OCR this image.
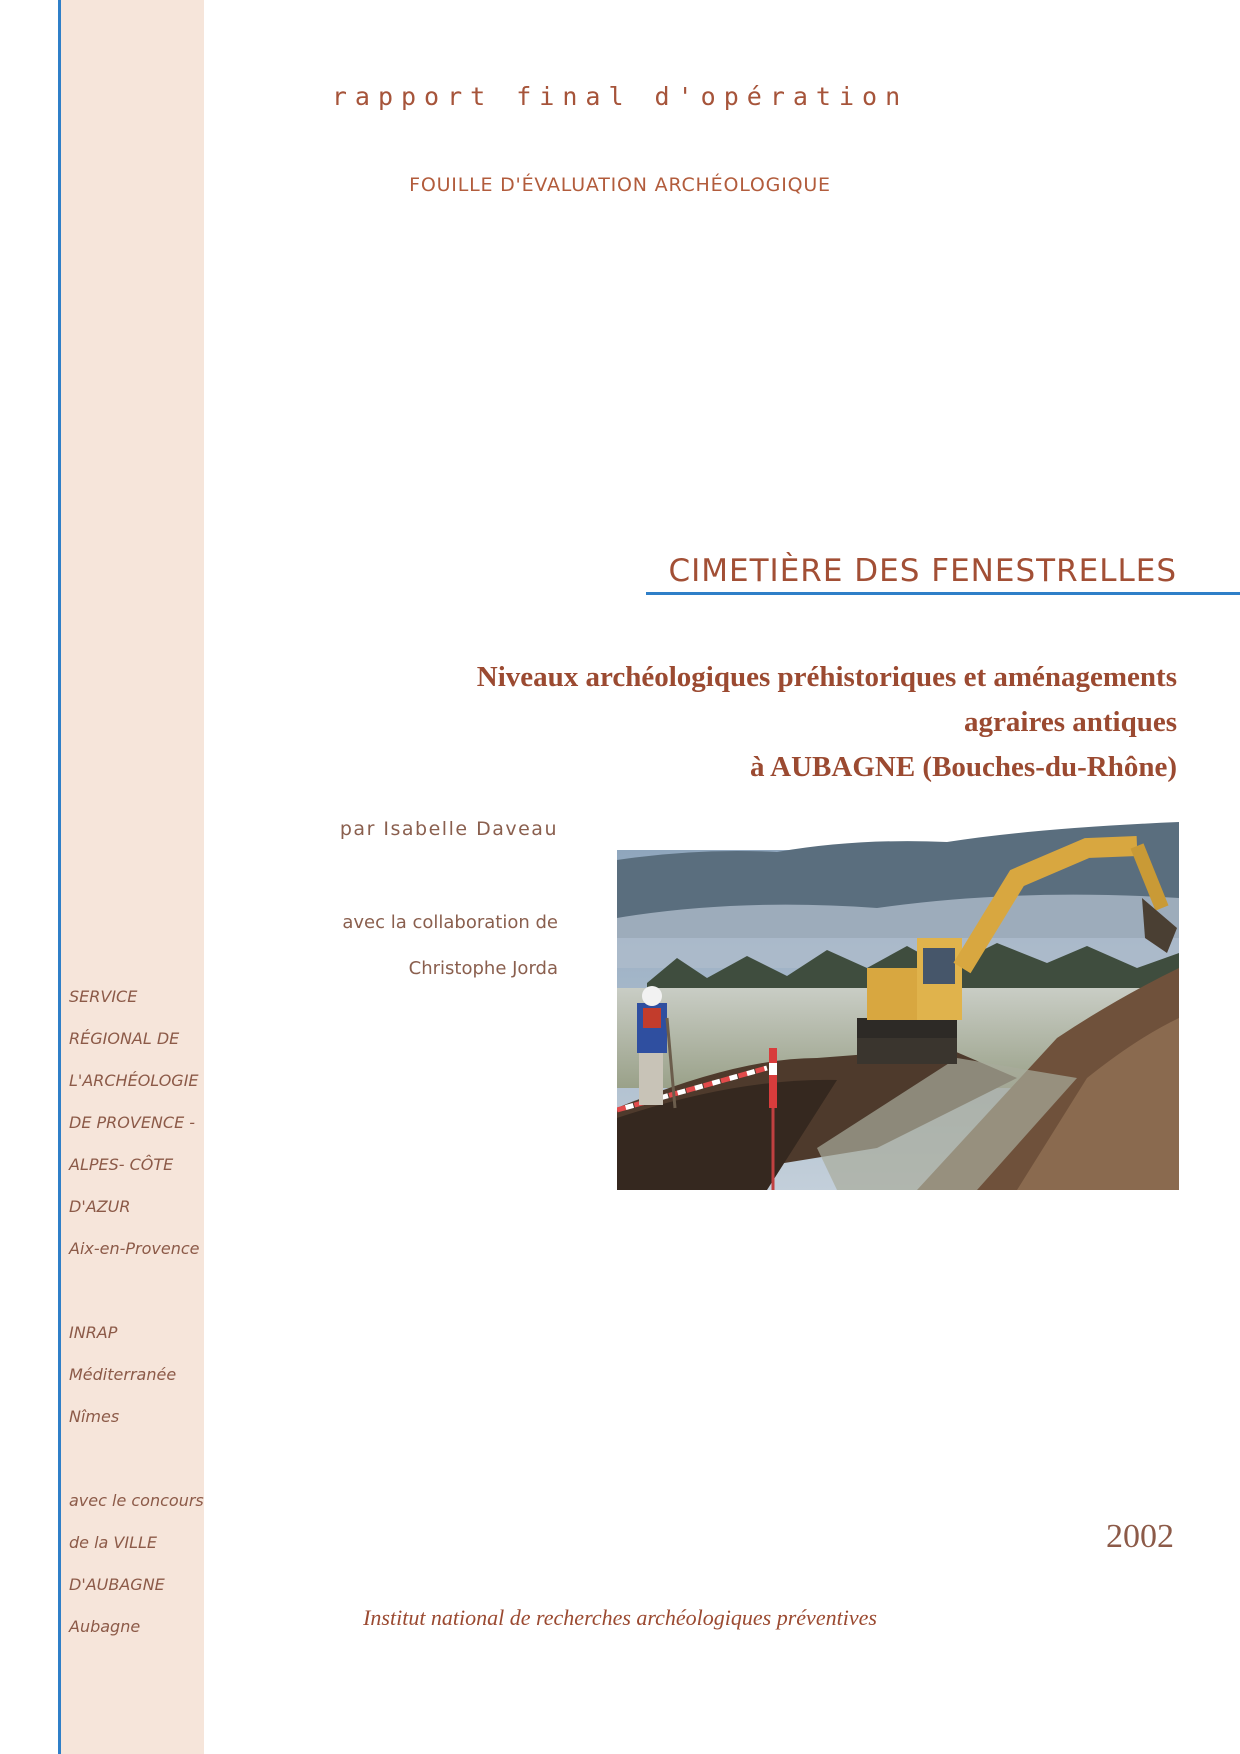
rapport final d'opération
FOUILLE D'ÉVALUATION ARCHÉOLOGIQUE
CIMETIÈRE DES FENESTRELLES
Niveaux archéologiques préhistoriques et aménagements
agraires antiques
à AUBAGNE (Bouches-du-Rhône)
par Isabelle Daveau
avec la collaboration de
Christophe Jorda
SERVICE
RÉGIONAL DE
L'ARCHÉOLOGIE
DE PROVENCE -
ALPES- CÔTE
D'AZUR
Aix-en-Provence
INRAP
Méditerranée
Nîmes
avec le concours
de la VILLE
D'AUBAGNE
Aubagne
2002
Institut national de recherches archéologiques préventives
